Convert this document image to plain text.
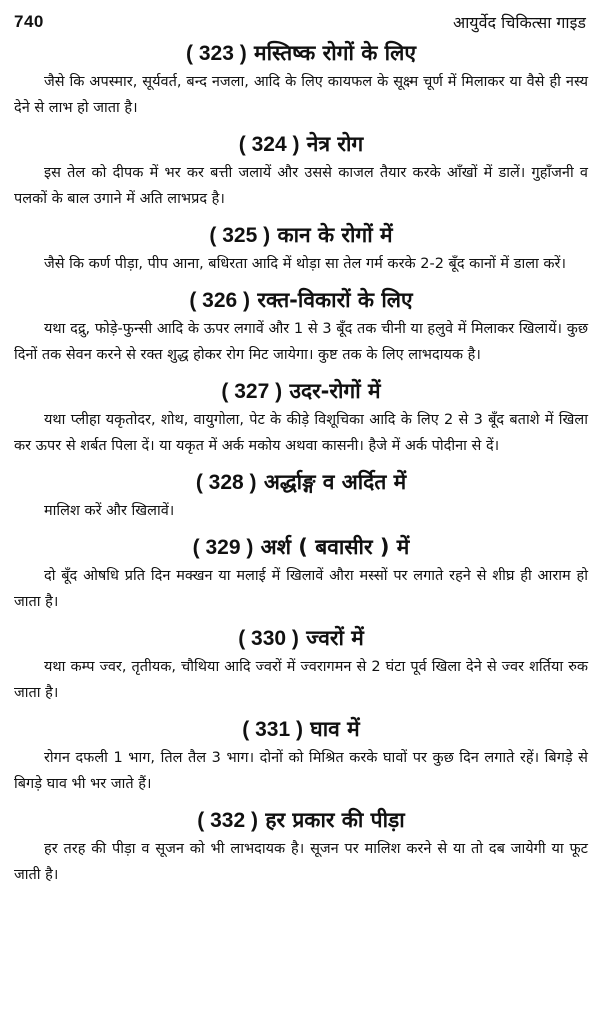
740	आयुर्वेद चिकित्सा गाइड
( 323 ) मस्तिष्क रोगों के लिए

जैसे कि अपस्मार, सूर्यवर्त, बन्द नजला, आदि के लिए कायफल के सूक्ष्म चूर्ण में मिलाकर या वैसे ही नस्य देने से लाभ हो जाता है।

( 324 ) नेत्र रोग

इस तेल को दीपक में भर कर बत्ती जलायें और उससे काजल तैयार करके आँखों में डालें। गुहाँजनी व पलकों के बाल उगाने में अति लाभप्रद है।

( 325 ) कान के रोगों में

जैसे कि कर्ण पीड़ा, पीप आना, बधिरता आदि में थोड़ा सा तेल गर्म करके 2-2 बूँद कानों में डाला करें।

( 326 ) रक्त-विकारों के लिए

यथा दद्रु, फोड़े-फुन्सी आदि के ऊपर लगावें और 1 से 3 बूँद तक चीनी या हलुवे में मिलाकर खिलायें। कुछ दिनों तक सेवन करने से रक्त शुद्ध होकर रोग मिट जायेगा। कुष्ट तक के लिए लाभदायक है।

( 327 ) उदर-रोगों में

यथा प्लीहा यकृतोदर, शोथ, वायुगोला, पेट के कीड़े विशूचिका आदि के लिए 2 से 3 बूँद बताशे में खिला कर ऊपर से शर्बत पिला दें। या यकृत में अर्क मकोय अथवा कासनी। हैजे में अर्क पोदीना से दें।

( 328 ) अर्द्धाङ्ग व अर्दित में

मालिश करें और खिलावें।

( 329 ) अर्श ( बवासीर ) में

दो बूँद ओषधि प्रति दिन मक्खन या मलाई में खिलावें औरा मस्सों पर लगाते रहने से शीघ्र ही आराम हो जाता है।

( 330 ) ज्वरों में

यथा कम्प ज्वर, तृतीयक, चौथिया आदि ज्वरों में ज्वरागमन से 2 घंटा पूर्व खिला देने से ज्वर शर्तिया रुक जाता है।

( 331 ) घाव में

रोगन दफली 1 भाग, तिल तैल 3 भाग। दोनों को मिश्रित करके घावों पर कुछ दिन लगाते रहें। बिगड़े से बिगड़े घाव भी भर जाते हैं।

( 332 ) हर प्रकार की पीड़ा

हर तरह की पीड़ा व सूजन को भी लाभदायक है। सूजन पर मालिश करने से या तो दब जायेगी या फूट जाती है।
